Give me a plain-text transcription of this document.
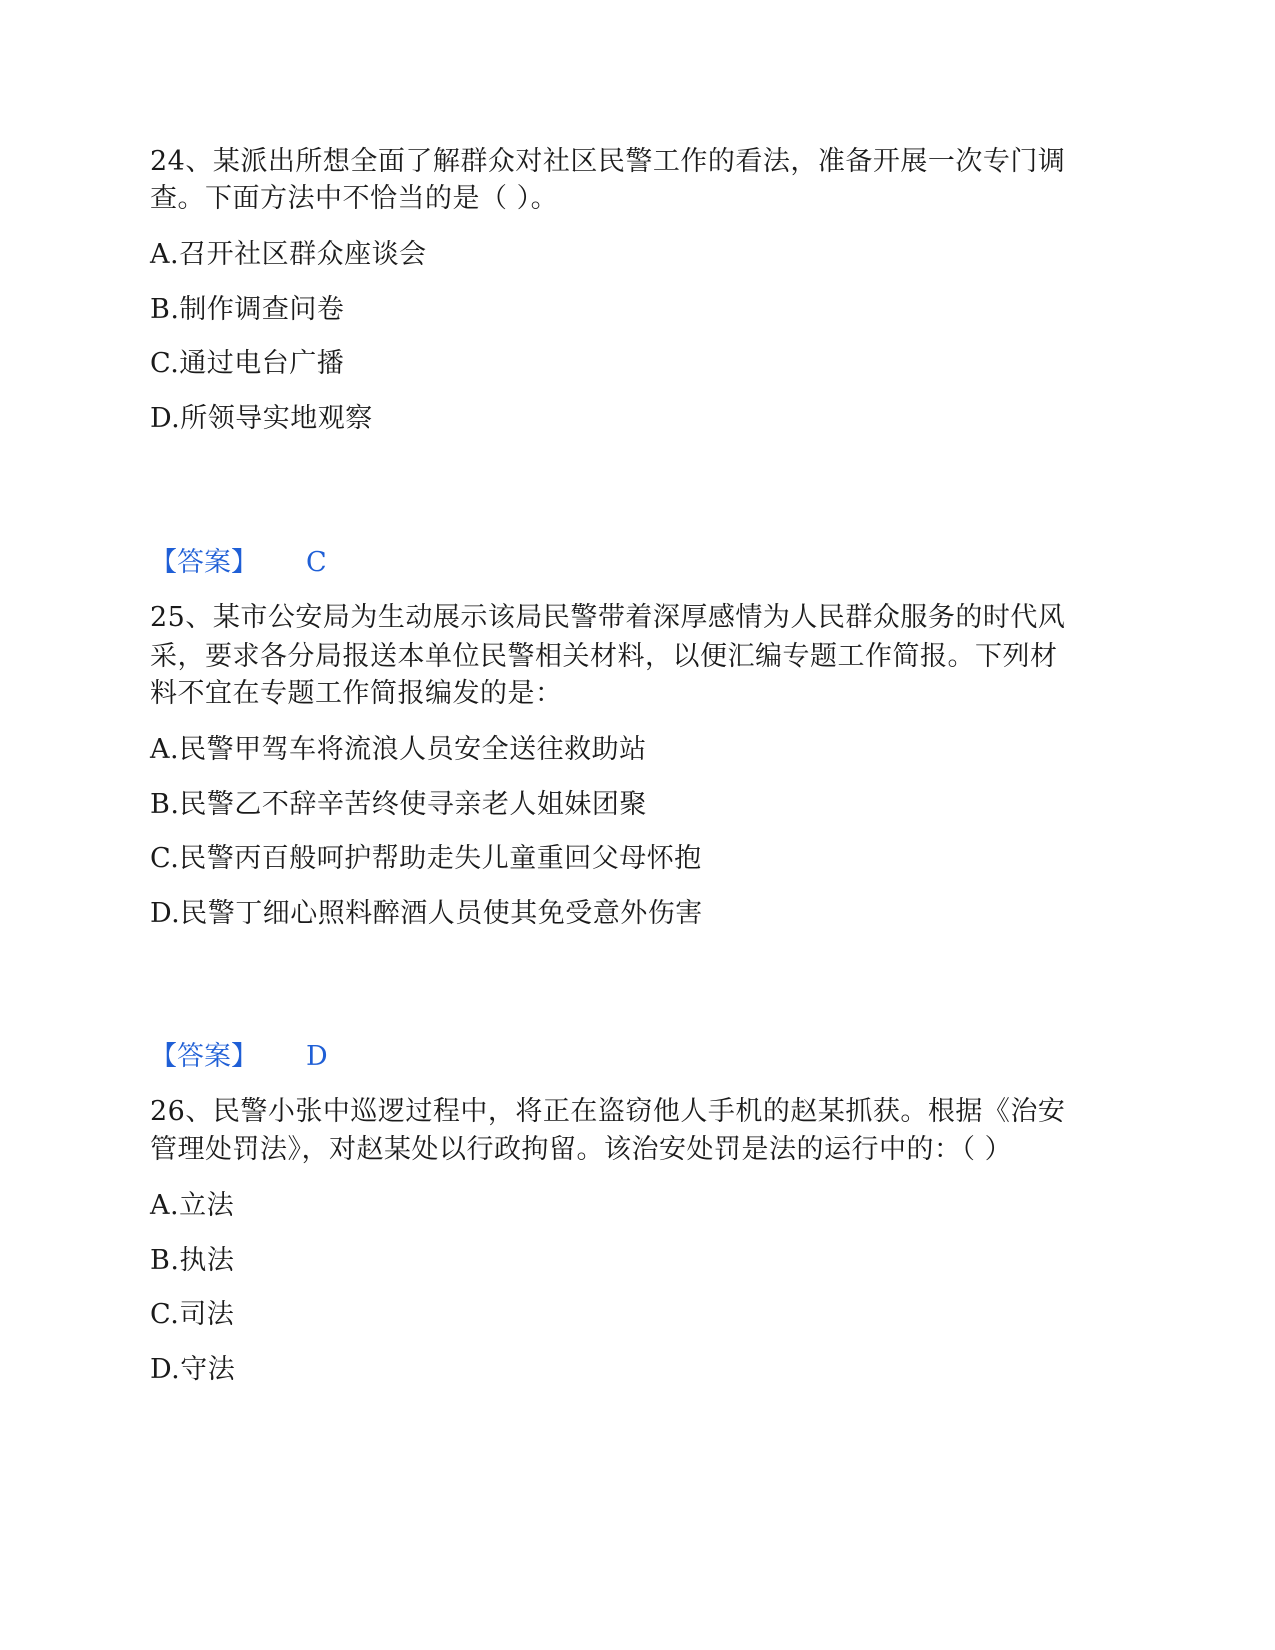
24、某派出所想全面了解群众对社区民警工作的看法，准备开展一次专门调
查。下面方法中不恰当的是（ ）。
A.召开社区群众座谈会
B.制作调查问卷
C.通过电台广播
D.所领导实地观察
【答案】 C
25、某市公安局为生动展示该局民警带着深厚感情为人民群众服务的时代风
采，要求各分局报送本单位民警相关材料，以便汇编专题工作简报。下列材
料不宜在专题工作简报编发的是：
A.民警甲驾车将流浪人员安全送往救助站
B.民警乙不辞辛苦终使寻亲老人姐妹团聚
C.民警丙百般呵护帮助走失儿童重回父母怀抱
D.民警丁细心照料醉酒人员使其免受意外伤害
【答案】 D
26、民警小张中巡逻过程中，将正在盗窃他人手机的赵某抓获。根据《治安
管理处罚法》，对赵某处以行政拘留。该治安处罚是法的运行中的：（ ）
A.立法
B.执法
C.司法
D.守法
